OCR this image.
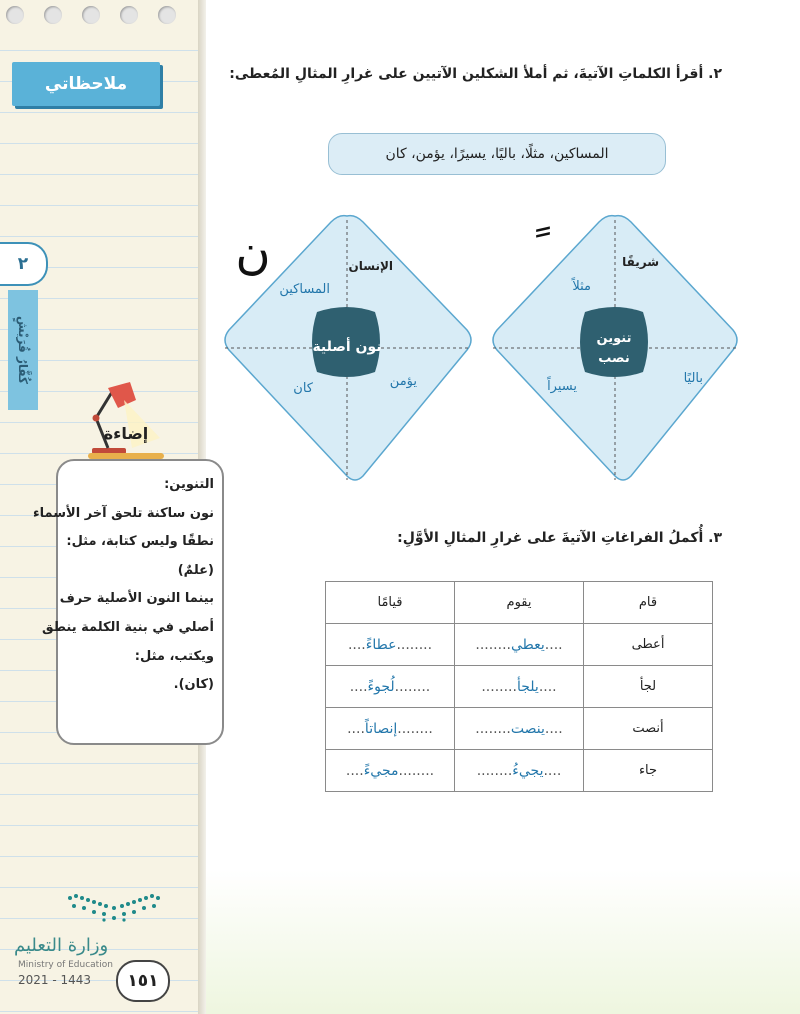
ملاحظاتي
٢
كُفَّارُ قُرَيْشٍ
إضاءة
التنوين:
نون ساكنة تلحق آخر الأسماء
نطقًا وليس كتابة، مثل:
(علمٌ)
بينما النون الأصلية حرف
أصلي في بنية الكلمة ينطق
ويكتب، مثل:
(كان).
وزارة التعليم
Ministry of Education
2021 - 1443	١٥١
٢. أقرأ الكلماتِ الآتيةَ، ثم أملأ الشكلين الآتيين على غرارِ المثالِ المُعطى:
المساكين، مثلًا، باليًا، يسيرًا، يؤمن، كان
نون أصلية
الإنسان
المساكين
يؤمن
كان
ن
تنوين
نصب
شريفًا
مثلاً
باليًا
يسيراً
٣. أُكملُ الفراغاتِ الآتيةَ على غرارِ المثالِ الأوَّلِ:
قام	يقوم	قيامًا
أعطى	....يعطي........	........عطاءً....
لجأ	....يلجأ........	........لُجوءً....
أنصت	....ينصت........	........إنصاتاً....
جاء	....يجيءُ........	........مجيءً....
